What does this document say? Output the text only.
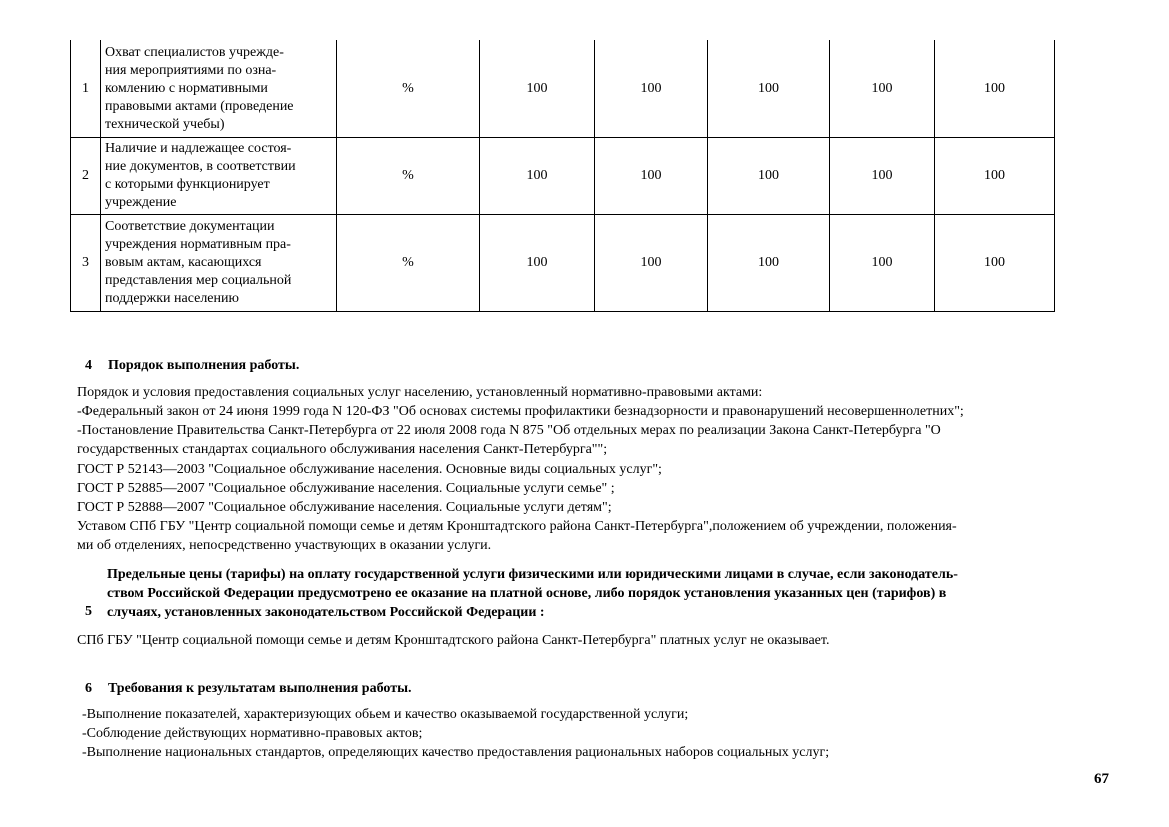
1	Охват специалистов учрежде-
ния мероприятиями по озна-
комлению с нормативными
правовыми актами (проведение
технической учебы)	%	100	100	100	100	100
2	Наличие и надлежащее состоя-
ние документов, в соответствии
с которыми функционирует
учреждение	%	100	100	100	100	100
3	Соответствие документации
учреждения нормативным пра-
вовым актам, касающихся
представления мер социальной
поддержки населению	%	100	100	100	100	100
4 Порядок выполнения работы.
Порядок и условия предоставления социальных услуг населению, установленный нормативно-правовыми актами:
-Федеральный закон от 24 июня 1999 года N 120-ФЗ "Об основах системы профилактики безнадзорности и правонарушений несовершеннолетних";
-Постановление Правительства Санкт-Петербурга от 22 июля 2008 года N 875 "Об отдельных мерах по реализации Закона Санкт-Петербурга "О
государственных стандартах социального обслуживания населения Санкт-Петербурга"";
ГОСТ Р 52143—2003 "Социальное обслуживание населения. Основные виды социальных услуг";
ГОСТ Р 52885—2007 "Социальное обслуживание населения. Социальные услуги семье" ;
ГОСТ Р 52888—2007 "Социальное обслуживание населения. Социальные услуги детям";
Уставом СПб ГБУ "Центр социальной помощи семье и детям Кронштадтского района Санкт-Петербурга",положением об учреждении, положения-
ми об отделениях, непосредственно участвующих в оказании услуги.
Предельные цены (тарифы) на оплату государственной услуги физическими или юридическими лицами в случае, если законодатель-
ством Российской Федерации предусмотрено ее оказание на платной основе, либо порядок установления указанных цен (тарифов) в
5 случаях, установленных законодательством Российской Федерации :
СПб ГБУ "Центр социальной помощи семье и детям Кронштадтского района Санкт-Петербурга" платных услуг не оказывает.
6 Требования к результатам выполнения работы.
-Выполнение показателей, характеризующих обьем и качество оказываемой государственной услуги;
-Соблюдение действующих нормативно-правовых актов;
-Выполнение национальных стандартов, определяющих качество предоставления рациональных наборов социальных услуг;
67
